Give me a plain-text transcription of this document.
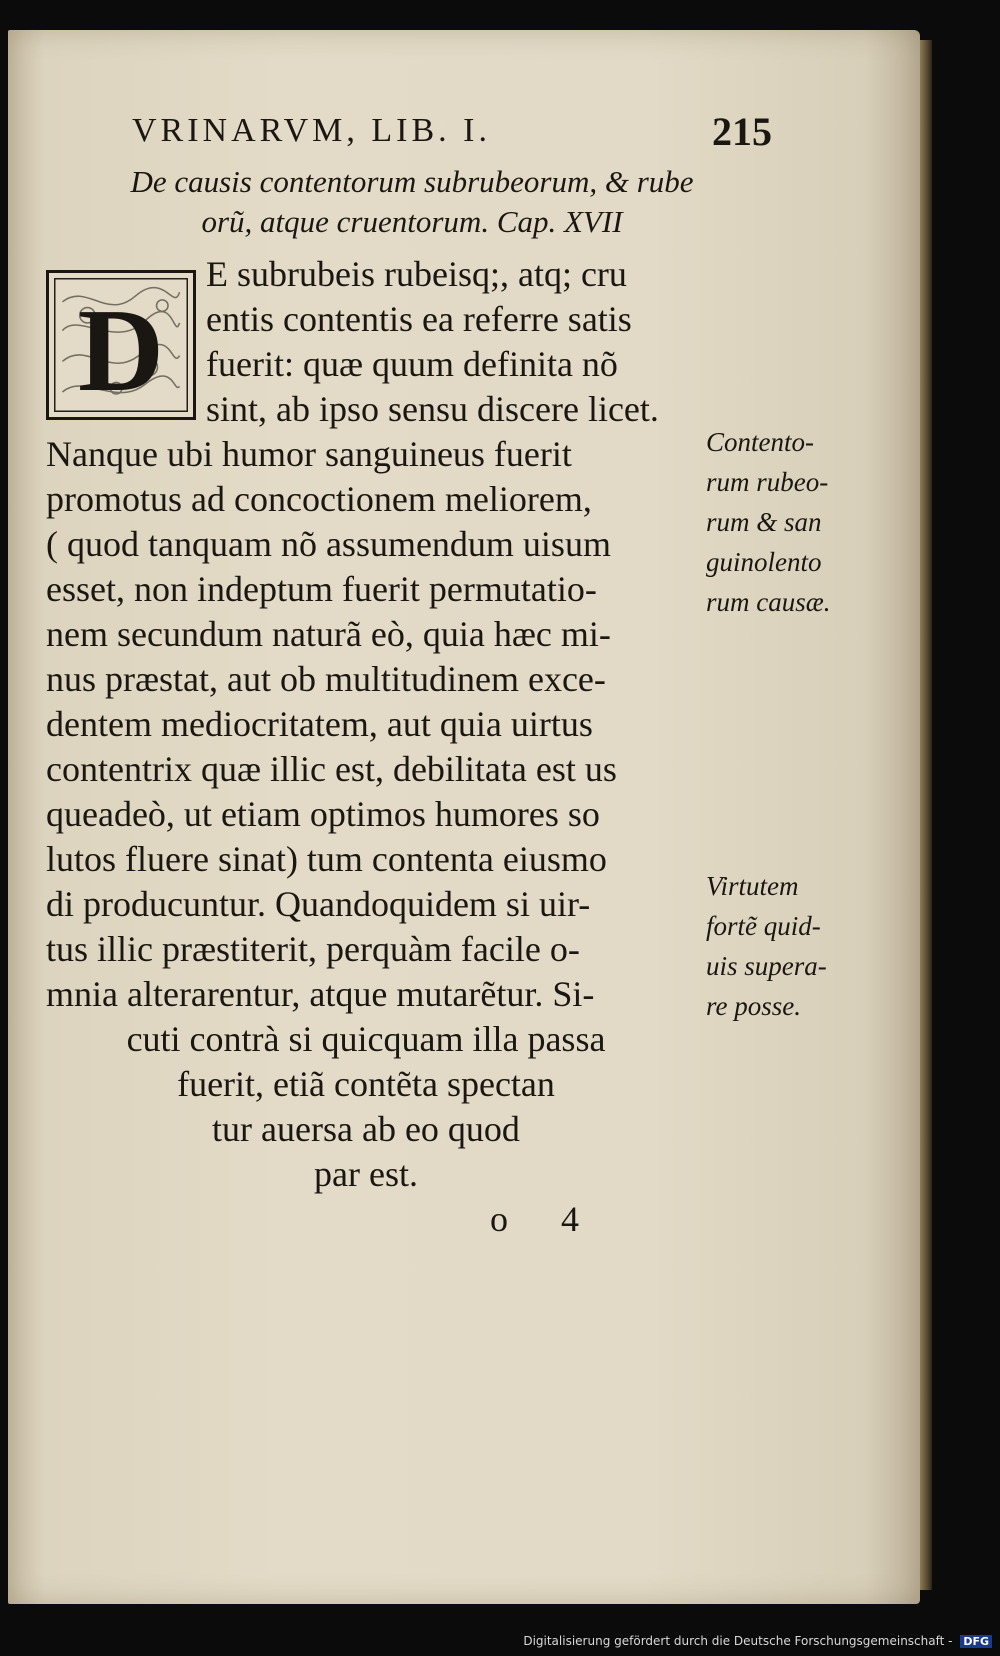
VRINARVM, LIB. I.	215
De causis contentorum subrubeorum, & rube
orũ, atque cruentorum. Cap. XVII
E subrubeis rubeisq;, atq; cru
entis contentis ea referre satis
fuerit: quæ quum definita nõ
sint, ab ipso sensu discere licet.
Nanque ubi humor sanguineus fuerit
promotus ad concoctionem meliorem,
( quod tanquam nõ assumendum uisum
esset, non indeptum fuerit permutatio-
nem secundum naturã eò, quia hæc mi-
nus præstat, aut ob multitudinem exce-
dentem mediocritatem, aut quia uirtus
contentrix quæ illic est, debilitata est us
queadeò, ut etiam optimos humores so
lutos fluere sinat) tum contenta eiusmo
di producuntur. Quandoquidem si uir-
tus illic præstiterit, perquàm facile o-
mnia alterarentur, atque mutarẽtur. Si-
cuti contrà si quicquam illa passa
fuerit, etiã contẽta spectan
tur auersa ab eo quod
par est.
D
o 4
Contento-
rum rubeo-
rum & san
guinolento
rum causæ.
Virtutem
fortẽ quid-
uis supera-
re posse.
Digitalisierung gefördert durch die Deutsche Forschungsgemeinschaft - DFG
